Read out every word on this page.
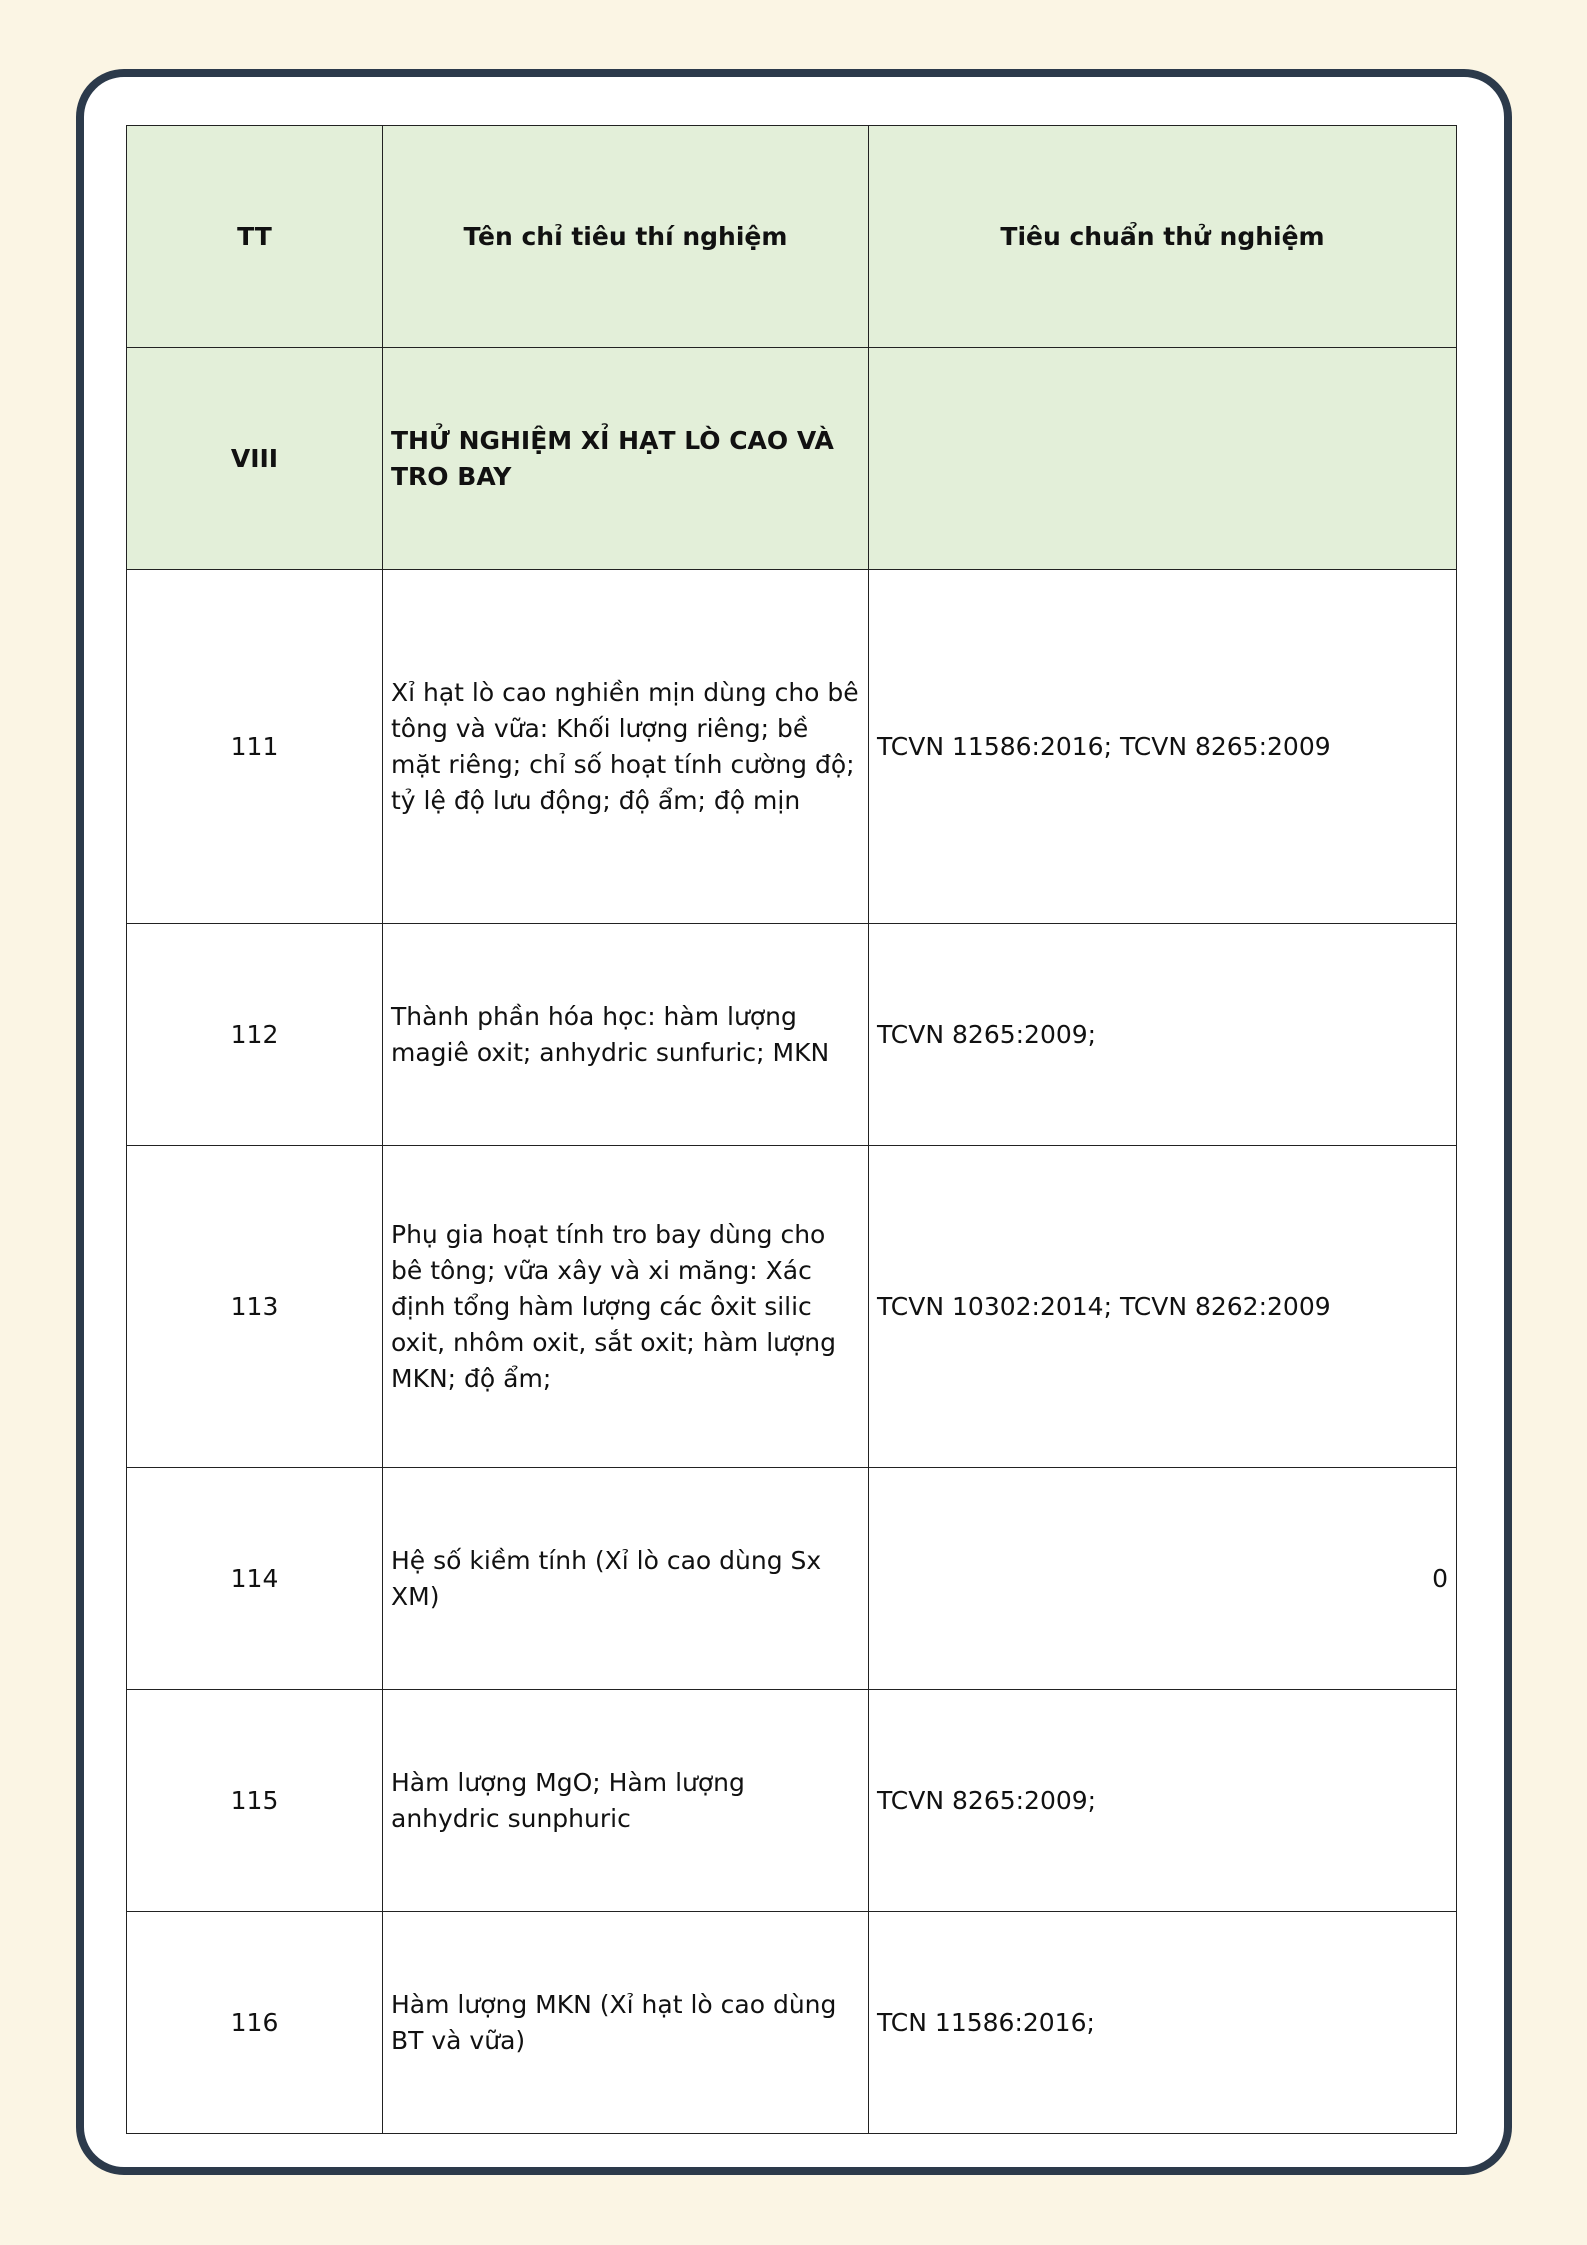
TT	Tên chỉ tiêu thí nghiệm	Tiêu chuẩn thử nghiệm
VIII	THỬ NGHIỆM XỈ HẠT LÒ CAO VÀ TRO BAY	
111	Xỉ hạt lò cao nghiền mịn dùng cho bê tông và vữa: Khối lượng riêng; bề mặt riêng; chỉ số hoạt tính cường độ; tỷ lệ độ lưu động; độ ẩm; độ mịn	TCVN 11586:2016; TCVN 8265:2009
112	Thành phần hóa học: hàm lượng magiê oxit; anhydric sunfuric; MKN	TCVN 8265:2009;
113	Phụ gia hoạt tính tro bay dùng cho bê tông; vữa xây và xi măng: Xác định tổng hàm lượng các ôxit silic oxit, nhôm oxit, sắt oxit; hàm lượng MKN; độ ẩm;	TCVN 10302:2014; TCVN 8262:2009
114	Hệ số kiềm tính (Xỉ lò cao dùng Sx XM)	0
115	Hàm lượng MgO; Hàm lượng anhydric sunphuric	TCVN 8265:2009;
116	Hàm lượng MKN (Xỉ hạt lò cao dùng BT và vữa)	TCN 11586:2016;
